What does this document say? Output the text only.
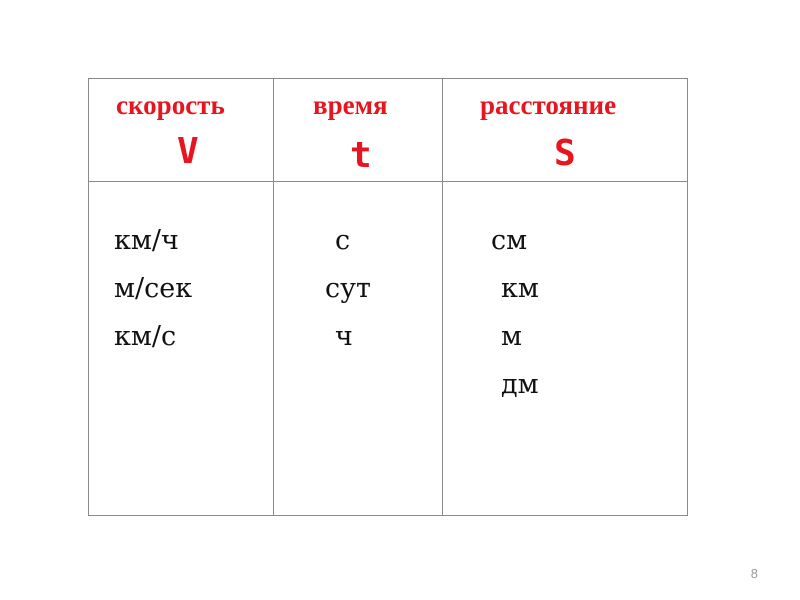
скорость
V
время
t
расстояние
S
км/ч
м/сек
км/с
с
сут
ч
см
км
м
дм
8
